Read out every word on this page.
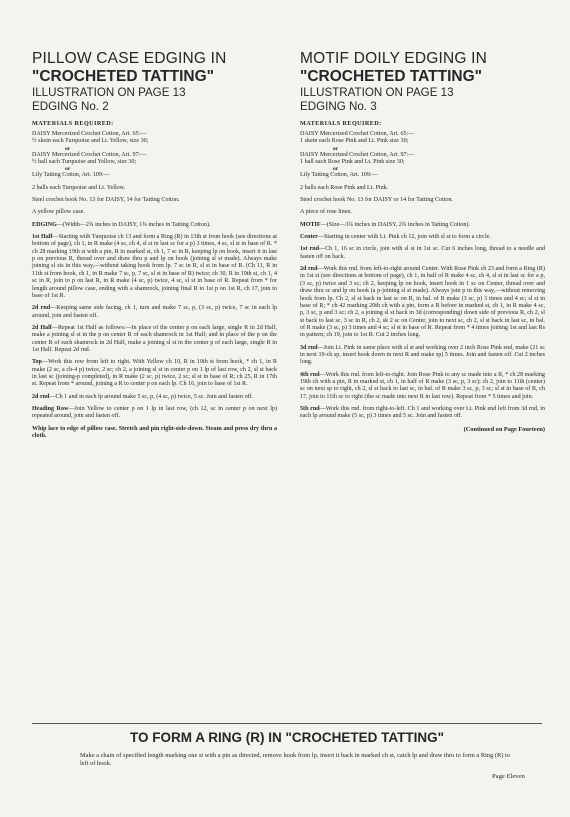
PILLOW CASE EDGING IN
"CROCHETED TATTING"
ILLUSTRATION ON PAGE 13
EDGING No. 2
MATERIALS REQUIRED:
DAISY Mercerized Crochet Cotton, Art. 65:—
½ skein each Turquoise and Lt. Yellow, size 30;
or
DAISY Mercerized Crochet Cotton, Art. 97:—
½ ball each Turquoise and Yellow, size 30;
or
Lily Tatting Cotton, Art. 109:—
2 balls each Turquoise and Lt. Yellow.
Steel crochet hook No. 13 for DAISY, 14 for Tatting Cotton.
A yellow pillow case.
EDGING—(Width—2¾ inches in DAISY, 1¾ inches in Tatting Cotton).
1st Half—Starting with Turquoise ch 13 and form a Ring (R) in 13th st from hook (see directions at bottom of page), ch 1, in R make (4 sc, ch 4, sl st in last sc for a p) 3 times, 4 sc, sl st in base of R. * ch 28 marking 19th st with a pin, R in marked st, ch 1, 7 sc in R, keeping lp on hook, insert it in last p on previous R, thread over and draw thru p and lp on hook (joining sl st made). Always make joining sl sts in this way,—without taking hook from lp. 7 sc in R, sl st in base of R. (Ch 11, R in 11th st from hook, ch 1, in R make 7 sc, p, 7 sc, sl st in base of R) twice; ch 30, R in 19th st, ch 1, 4 sc in R, join to p on last R, in R make (4 sc, p) twice, 4 sc, sl st in base of R. Repeat from * for length around pillow case, ending with a shamrock, joining final R to 1st p on 1st R, ch 17, join to base of 1st R.
2d rnd—Keeping same side facing, ch 1, turn and make 7 sc, p, (3 sc, p) twice, 7 sc in each lp around, join and fasten off.
2d Half—Repeat 1st Half as follows:—In place of the center p on each large, single R in 2d Half, make a joining sl st in the p on center R of each shamrock in 1st Half; and in place of the p on the center R of each shamrock in 2d Half, make a joining sl st in the center p of each large, single R in 1st Half. Repeat 2d rnd.
Top—Work this row from left to right. With Yellow ch 10, R in 10th st from hook, * ch 1, in R make (2 sc, a ch-4 p) twice, 2 sc; ch 2, a joining sl st in center p on 1 lp of last row, ch 2, sl st back in last sc (joining-p completed), in R make (2 sc, p) twice, 2 sc; sl st in base of R; ch 25, R in 17th st. Repeat from * around, joining a R to center p on each lp. Ch 16, join to base of 1st R.
2d rnd—Ch 1 and in each lp around make 5 sc, p, (4 sc, p) twice, 5 sc. Join and fasten off.
Heading Row—Join Yellow to center p on 1 lp in last row, (ch 12, sc in center p on next lp) repeated around, join and fasten off.
Whip lace to edge of pillow case. Stretch and pin right-side-down. Steam and press dry thru a cloth.
MOTIF DOILY EDGING IN
"CROCHETED TATTING"
ILLUSTRATION ON PAGE 13
EDGING No. 3
MATERIALS REQUIRED:
DAISY Mercerized Crochet Cotton, Art. 65:—
1 skein each Rose Pink and Lt. Pink size 30;
or
DAISY Mercerized Crochet Cotton, Art. 97:—
1 ball each Rose Pink and Lt. Pink size 30;
or
Lily Tatting Cotton, Art. 109:—
2 balls each Rose Pink and Lt. Pink.
Steel crochet hook No. 13 for DAISY or 14 for Tatting Cotton.
A piece of rose linen.
MOTIF—(Size—3¾ inches in DAISY, 2¾ inches in Tatting Cotton).
Center—Starting in center with Lt. Pink ch 12, join with sl st to form a circle.
1st rnd—Ch 1, 16 sc in circle, join with sl st in 1st sc. Cut 6 inches long, thread to a needle and fasten off on back.
2d rnd—Work this rnd. from left-to-right around Center. With Rose Pink ch 23 and form a Ring (R) in 1st st (see directions at bottom of page), ch 1, in half of R make 4 sc, ch 4, sl st in last sc for a p, (3 sc, p) twice and 3 sc; ch 2, keeping lp on hook, insert hook in 1 sc on Center, thread over and draw thru sc and lp on hook (a p-joining sl st made). Always join p in this way,—without removing hook from lp. Ch 2, sl st back in last sc on R, in bal. of R make (3 sc, p) 3 times and 4 sc; sl st in base of R; * ch 42 marking 20th ch with a pin, form a R before in marked st, ch 1, in R make 4 sc, p, 3 sc, p and 3 sc; ch 2, a joining sl st back in 3d (corresponding) down side of previous R, ch 2, sl st back to last sc, 3 sc in R, ch 2, sk 2 sc on Center, join to next sc, ch 2, sl st back in last sc, in bal. of R make (3 sc, p) 3 times and 4 sc; sl st in base of R. Repeat from * 4 times joining 1st and last Rs in pattern; ch 19, join to 1st R. Cut 2 inches long.
3d rnd—Join Lt. Pink in same place with sl st and working over 2 inch Rose Pink end, make (21 sc in next 19-ch sp, insert hook down in next R and make sp) 5 times. Join and fasten off. Cut 2 inches long.
4th rnd—Work this rnd. from left-to-right. Join Rose Pink to any sc made into a R, * ch 28 marking 19th ch with a pin, R in marked st, ch 1, in half of R make (3 sc, p, 3 sc); ch 2, join to 11th (center) sc on next sp to right, ch 2, sl st back to last sc, in bal. of R make 3 sc, p, 3 sc; sl st in base of R, ch 17, join to 11th sc to right (the sc made into next R in last row). Repeat from * 5 times and join.
5th rnd—Work this rnd. from right-to-left. Ch 1 and working over Lt. Pink end left from 3d rnd, in each lp around make (5 sc, p) 3 times and 5 sc. Join and fasten off.
(Continued on Page Fourteen)
TO FORM A RING (R) IN "CROCHETED TATTING"
Make a chain of specified length marking one st with a pin as directed, remove hook from lp, insert it back in marked ch st, catch lp and draw thru to form a Ring (R) to left of hook.
Page Eleven
